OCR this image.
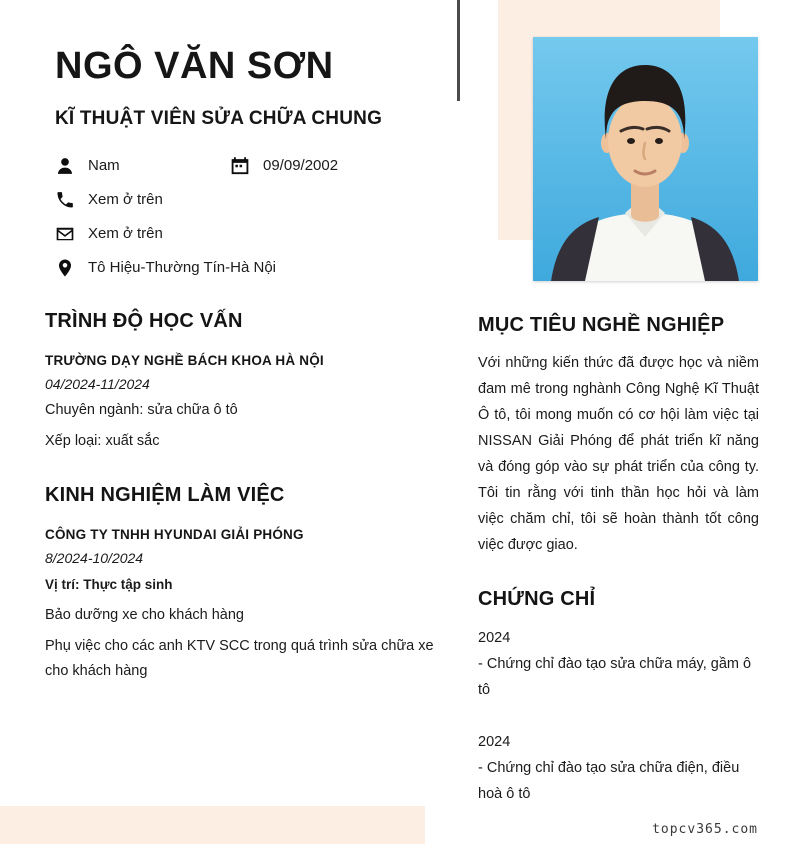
NGÔ VĂN SƠN
KĨ THUẬT VIÊN SỬA CHỮA CHUNG
Nam	09/09/2002
Xem ở trên
Xem ở trên
Tô Hiệu-Thường Tín-Hà Nội
TRÌNH ĐỘ HỌC VẤN
TRƯỜNG DẠY NGHỀ BÁCH KHOA HÀ NỘI
04/2024-11/2024
Chuyên ngành: sửa chữa ô tô
Xếp loại: xuất sắc
KINH NGHIỆM LÀM VIỆC
CÔNG TY TNHH HYUNDAI GIẢI PHÓNG
8/2024-10/2024
Vị trí: Thực tập sinh
Bảo dưỡng xe cho khách hàng
Phụ việc cho các anh KTV SCC trong quá trình sửa chữa xe cho khách hàng
MỤC TIÊU NGHỀ NGHIỆP

Với những kiến thức đã được học và niềm đam mê trong nghành Công Nghệ Kĩ Thuật Ô tô, tôi mong muốn có cơ hội làm việc tại NISSAN Giải Phóng để phát triển kĩ năng và đóng góp vào sự phát triển của công ty. Tôi tin rằng với tinh thần học hỏi và làm việc chăm chỉ, tôi sẽ hoàn thành tốt công việc được giao.

CHỨNG CHỈ
2024
- Chứng chỉ đào tạo sửa chữa máy, gầm ô tô
2024
- Chứng chỉ đào tạo sửa chữa điện, điều hoà ô tô
topcv365.com
